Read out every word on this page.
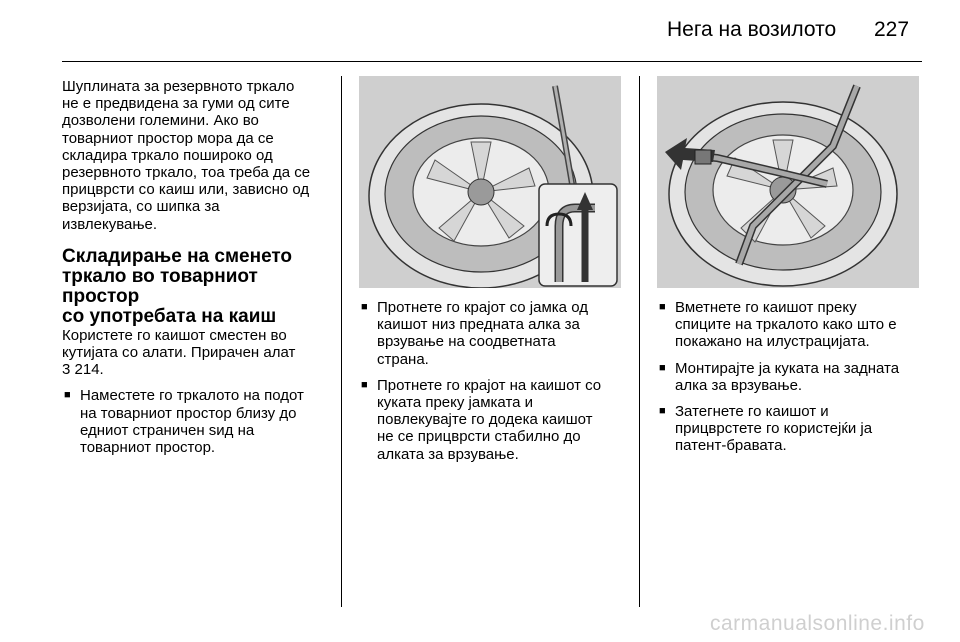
Нега на возилото 227

Шуплината за резервното тркало
не е предвидена за гуми од сите
дозволени големини. Ако во
товарниот простор мора да се
складира тркало поширoко од
резервното тркало, тоа треба да се
прицврсти со каиш или, зависно од
верзијата, со шипка за
извлекување.

Складирање на сменето
тркало во товарниот простор
со употребата на каиш

Користете го каишот сместен во
кутијата со алати. Прирачен алат
3 214.

■ Наместете го тркалото на подот
на товарниот простор близу до
едниот страничен ѕид на
товарниот простор.

■ Протнете го крајот со јамка од
каишот низ предната алка за
врзување на соодветната
страна.

■ Протнете го крајот на каишот со
куката преку јамката и
повлекувајте го додека каишот
не се прицврсти стабилно до
алката за врзување.

■ Вметнете го каишот преку
спиците на тркалото како што е
покажано на илустрацијата.

■ Монтирајте ја куката на задната
алка за врзување.

■ Затегнете го каишот и
прицврстете го користејќи ја
патент-бравата.

carmanualsonline.info
